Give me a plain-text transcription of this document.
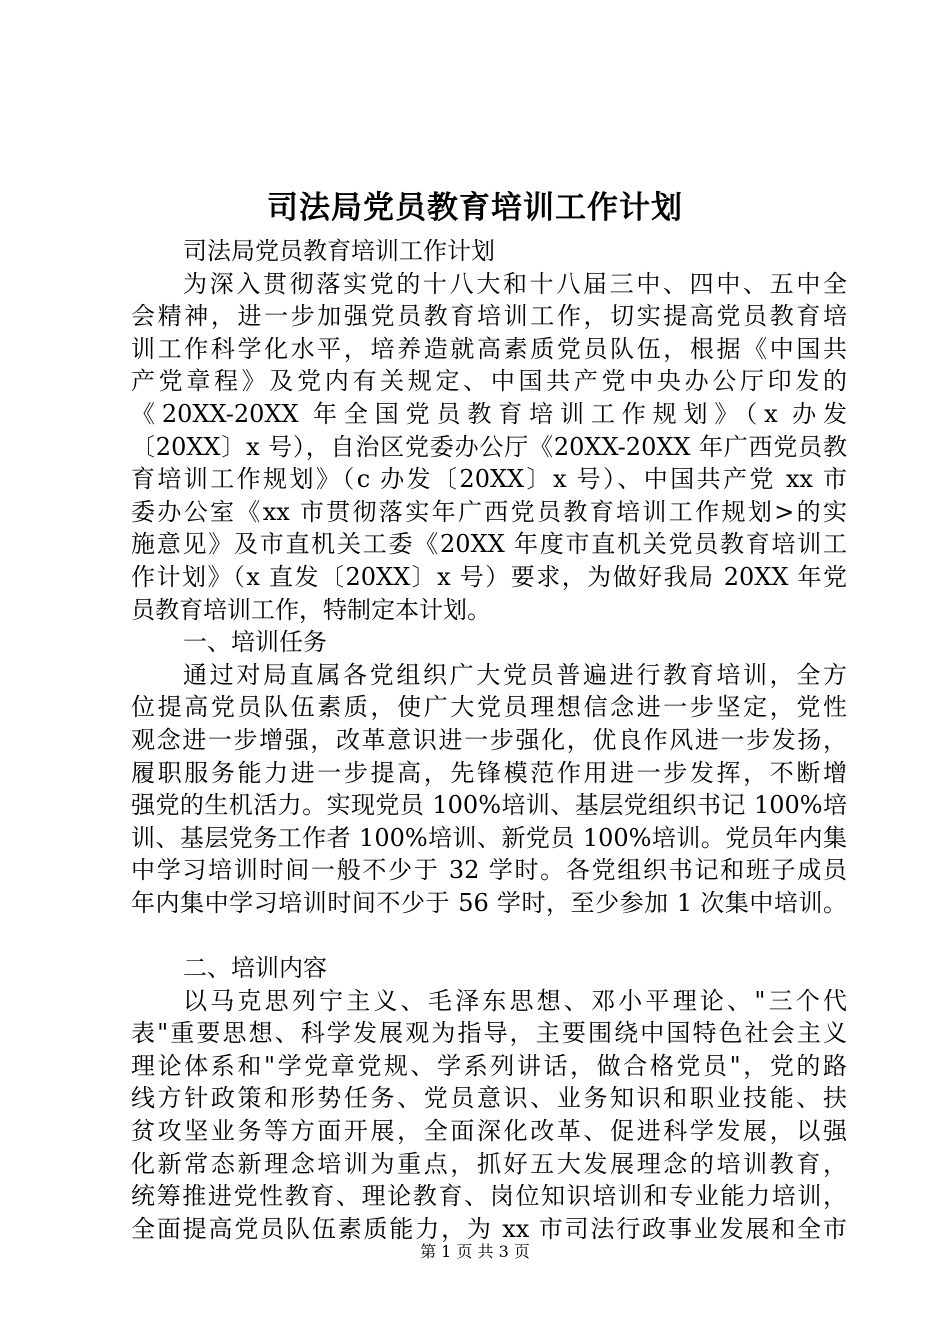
司法局党员教育培训工作计划
司法局党员教育培训工作计划
为深入贯彻落实党的十八大和十八届三中、四中、五中全
会精神，进一步加强党员教育培训工作，切实提高党员教育培
训工作科学化水平，培养造就高素质党员队伍，根据《中国共
产党章程》及党内有关规定、中国共产党中央办公厅印发的
《20XX-20XX 年全国党员教育培训工作规划》（x 办发
〔20XX〕x 号），自治区党委办公厅《20XX-20XX 年广西党员教
育培训工作规划》（c 办发〔20XX〕x 号）、中国共产党 xx 市
委办公室《xx 市贯彻落实年广西党员教育培训工作规划>的实
施意见》及市直机关工委《20XX 年度市直机关党员教育培训工
作计划》（x 直发〔20XX〕x 号）要求，为做好我局 20XX 年党
员教育培训工作，特制定本计划。
一、培训任务
通过对局直属各党组织广大党员普遍进行教育培训，全方
位提高党员队伍素质，使广大党员理想信念进一步坚定，党性
观念进一步增强，改革意识进一步强化，优良作风进一步发扬，
履职服务能力进一步提高，先锋模范作用进一步发挥，不断增
强党的生机活力。实现党员 100%培训、基层党组织书记 100%培
训、基层党务工作者 100%培训、新党员 100%培训。党员年内集
中学习培训时间一般不少于 32 学时。各党组织书记和班子成员
年内集中学习培训时间不少于 56 学时，至少参加 1 次集中培训。
二、培训内容
以马克思列宁主义、毛泽东思想、邓小平理论、"三个代
表"重要思想、科学发展观为指导，主要围绕中国特色社会主义
理论体系和"学党章党规、学系列讲话，做合格党员"，党的路
线方针政策和形势任务、党员意识、业务知识和职业技能、扶
贫攻坚业务等方面开展，全面深化改革、促进科学发展，以强
化新常态新理念培训为重点，抓好五大发展理念的培训教育，
统筹推进党性教育、理论教育、岗位知识培训和专业能力培训，
全面提高党员队伍素质能力，为 xx 市司法行政事业发展和全市
第 1 页 共 3 页
